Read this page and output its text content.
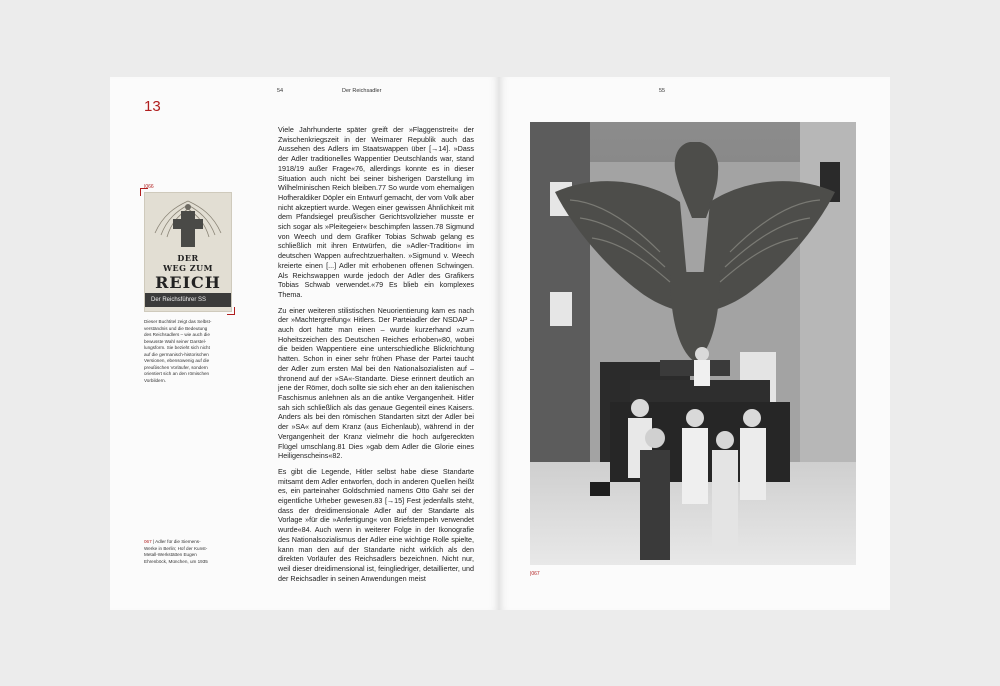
54	Der Reichsadler
13
|066
DER
WEG ZUM
REICH
Der Reichsführer SS
Dieser Buchtitel zeigt das Selbst-
verständnis und die Bedeutung
des Reichsadlers – wie auch die
bewusste Wahl seiner Darstel-
lungsform. Sie bezieht sich nicht
auf die germanisch-historischen
Versionen, ebensowenig auf die
preußischen Vorläufer, sondern
orientiert sich an den römischen
Vorbildern.
067 | Adler für die Siemens-
Werke in Berlin; Hof der Kunst-
Metall-Werkstätten Eugen
Ehrenböck, München, um 1935

Viele Jahrhunderte später greift der »Flaggenstreit« der Zwischenkriegszeit in der Weimarer Republik auch das Aussehen des Adlers im Staatswappen über [→14]. »Dass der Adler traditionelles Wappentier Deutschlands war, stand 1918/19 außer Frage«76, allerdings konnte es in dieser Situation auch nicht bei seiner bisherigen Darstellung im Wilhelminischen Reich bleiben.77 So wurde vom ehemaligen Hofheraldiker Döpler ein Entwurf gemacht, der vom Volk aber nicht akzeptiert wurde. Wegen einer gewissen Ähnlichkeit mit dem Pfandsiegel preußischer Gerichtsvollzieher musste er sich sogar als »Pleitegeier« beschimpfen lassen.78 Sigmund von Weech und dem Grafiker Tobias Schwab gelang es schließlich mit ihren Entwürfen, die »Adler-Tradition« im deutschen Wappen aufrechtzuerhalten. »Sigmund v. Weech kreierte einen [...] Adler mit erhobenen offenen Schwingen. Als Reichswappen wurde jedoch der Adler des Grafikers Tobias Schwab verwendet.«79 Es blieb ein komplexes Thema.

Zu einer weiteren stilistischen Neuorientierung kam es nach der »Machtergreifung« Hitlers. Der Parteiadler der NSDAP – auch dort hatte man einen – wurde kurzerhand »zum Hoheitszeichen des Deutschen Reiches erhoben«80, wobei die beiden Wappentiere eine unterschiedliche Blickrichtung hatten. Schon in einer sehr frühen Phase der Partei taucht der Adler zum ersten Mal bei den Nationalsozialisten auf – thronend auf der »SA«-Standarte. Diese erinnert deutlich an jene der Römer, doch sollte sie sich eher an den italienischen Faschismus anlehnen als an die antike Vergangenheit. Hitler sah sich schließlich als das genaue Gegenteil eines Kaisers. Anders als bei den römischen Standarten sitzt der Adler bei der »SA« auf dem Kranz (aus Eichenlaub), während in der Vergangenheit der Kranz vielmehr die hoch aufgereckten Flügel umschlang.81 Dies »gab dem Adler die Glorie eines Heiligenscheins«82.

Es gibt die Legende, Hitler selbst habe diese Standarte mitsamt dem Adler entworfen, doch in anderen Quellen heißt es, ein parteinaher Goldschmied namens Otto Gahr sei der eigentliche Urheber gewesen.83 [→15] Fest jedenfalls steht, dass der dreidimensionale Adler auf der Standarte als Vorlage »für die »Anfertigung« von Briefstempeln verwendet wurde«84. Auch wenn in weiterer Folge in der Ikonografie des Nationalsozialismus der Adler eine wichtige Rolle spielte, kann man den auf der Standarte nicht wirklich als den direkten Vorläufer des Reichsadlers bezeichnen. Nicht nur, weil dieser dreidimensional ist, feingliedriger, detaillierter, und der Reichsadler in seinen Anwendungen meist

55
|067
